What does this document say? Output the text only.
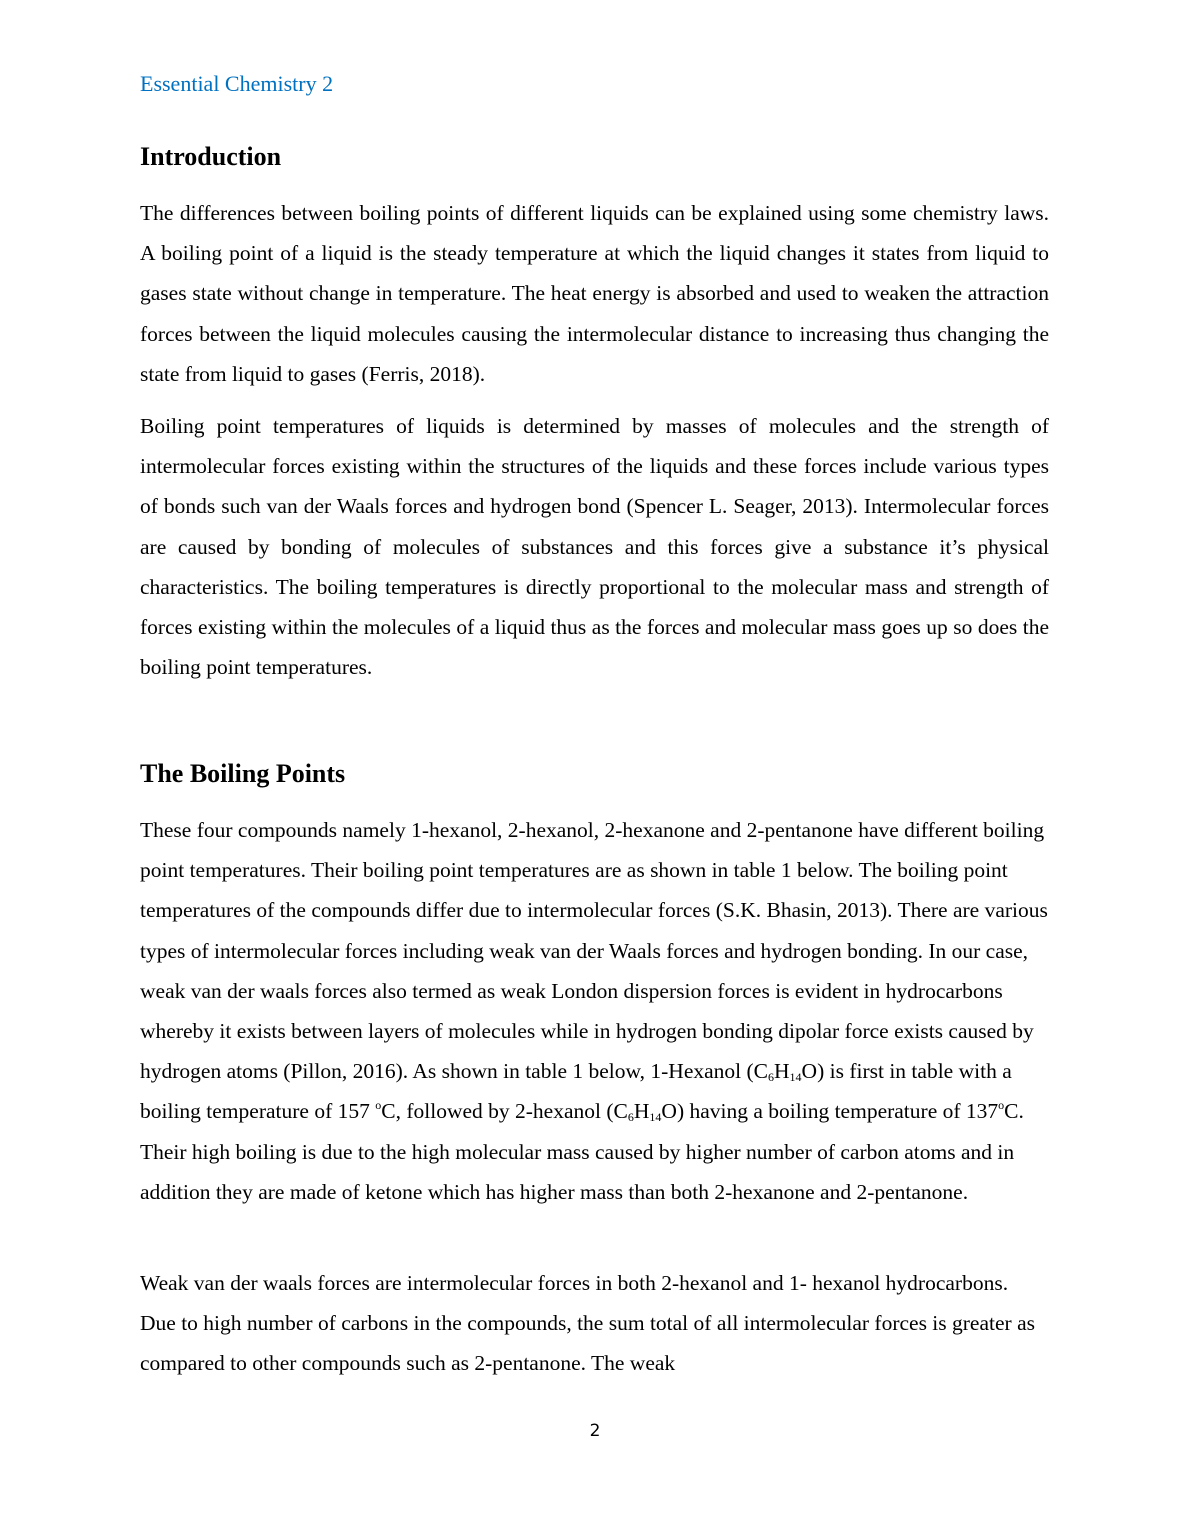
Essential Chemistry 2

Introduction

The differences between boiling points of different liquids can be explained using some chemistry laws. A boiling point of a liquid is the steady temperature at which the liquid changes it states from liquid to gases state without change in temperature. The heat energy is absorbed and used to weaken the attraction forces between the liquid molecules causing the intermolecular distance to increasing thus changing the state from liquid to gases (Ferris, 2018).

Boiling point temperatures of liquids is determined by masses of molecules and the strength of intermolecular forces existing within the structures of the liquids and these forces include various types of bonds such van der Waals forces and hydrogen bond (Spencer L. Seager, 2013). Intermolecular forces are caused by bonding of molecules of substances and this forces give a substance it’s physical characteristics. The boiling temperatures is directly proportional to the molecular mass and strength of forces existing within the molecules of a liquid thus as the forces and molecular mass goes up so does the boiling point temperatures.

The Boiling Points

These four compounds namely 1-hexanol, 2-hexanol, 2-hexanone and 2-pentanone have different boiling point temperatures. Their boiling point temperatures are as shown in table 1 below. The boiling point temperatures of the compounds differ due to intermolecular forces (S.K. Bhasin, 2013). There are various types of intermolecular forces including weak van der Waals forces and hydrogen bonding. In our case, weak van der waals forces also termed as weak London dispersion forces is evident in hydrocarbons whereby it exists between layers of molecules while in hydrogen bonding dipolar force exists caused by hydrogen atoms (Pillon, 2016). As shown in table 1 below, 1-Hexanol $(C_6H_{14}O)$ is first in table with a boiling temperature of 157 $^o$C, followed by 2-hexanol $(C_6H_{14}O)$ having a boiling temperature of 137$^o$C. Their high boiling is due to the high molecular mass caused by higher number of carbon atoms and in addition they are made of ketone which has higher mass than both 2-hexanone and 2-pentanone.

Weak van der waals forces are intermolecular forces in both 2-hexanol and 1- hexanol hydrocarbons. Due to high number of carbons in the compounds, the sum total of all intermolecular forces is greater as compared to other compounds such as 2-pentanone. The weak

2
